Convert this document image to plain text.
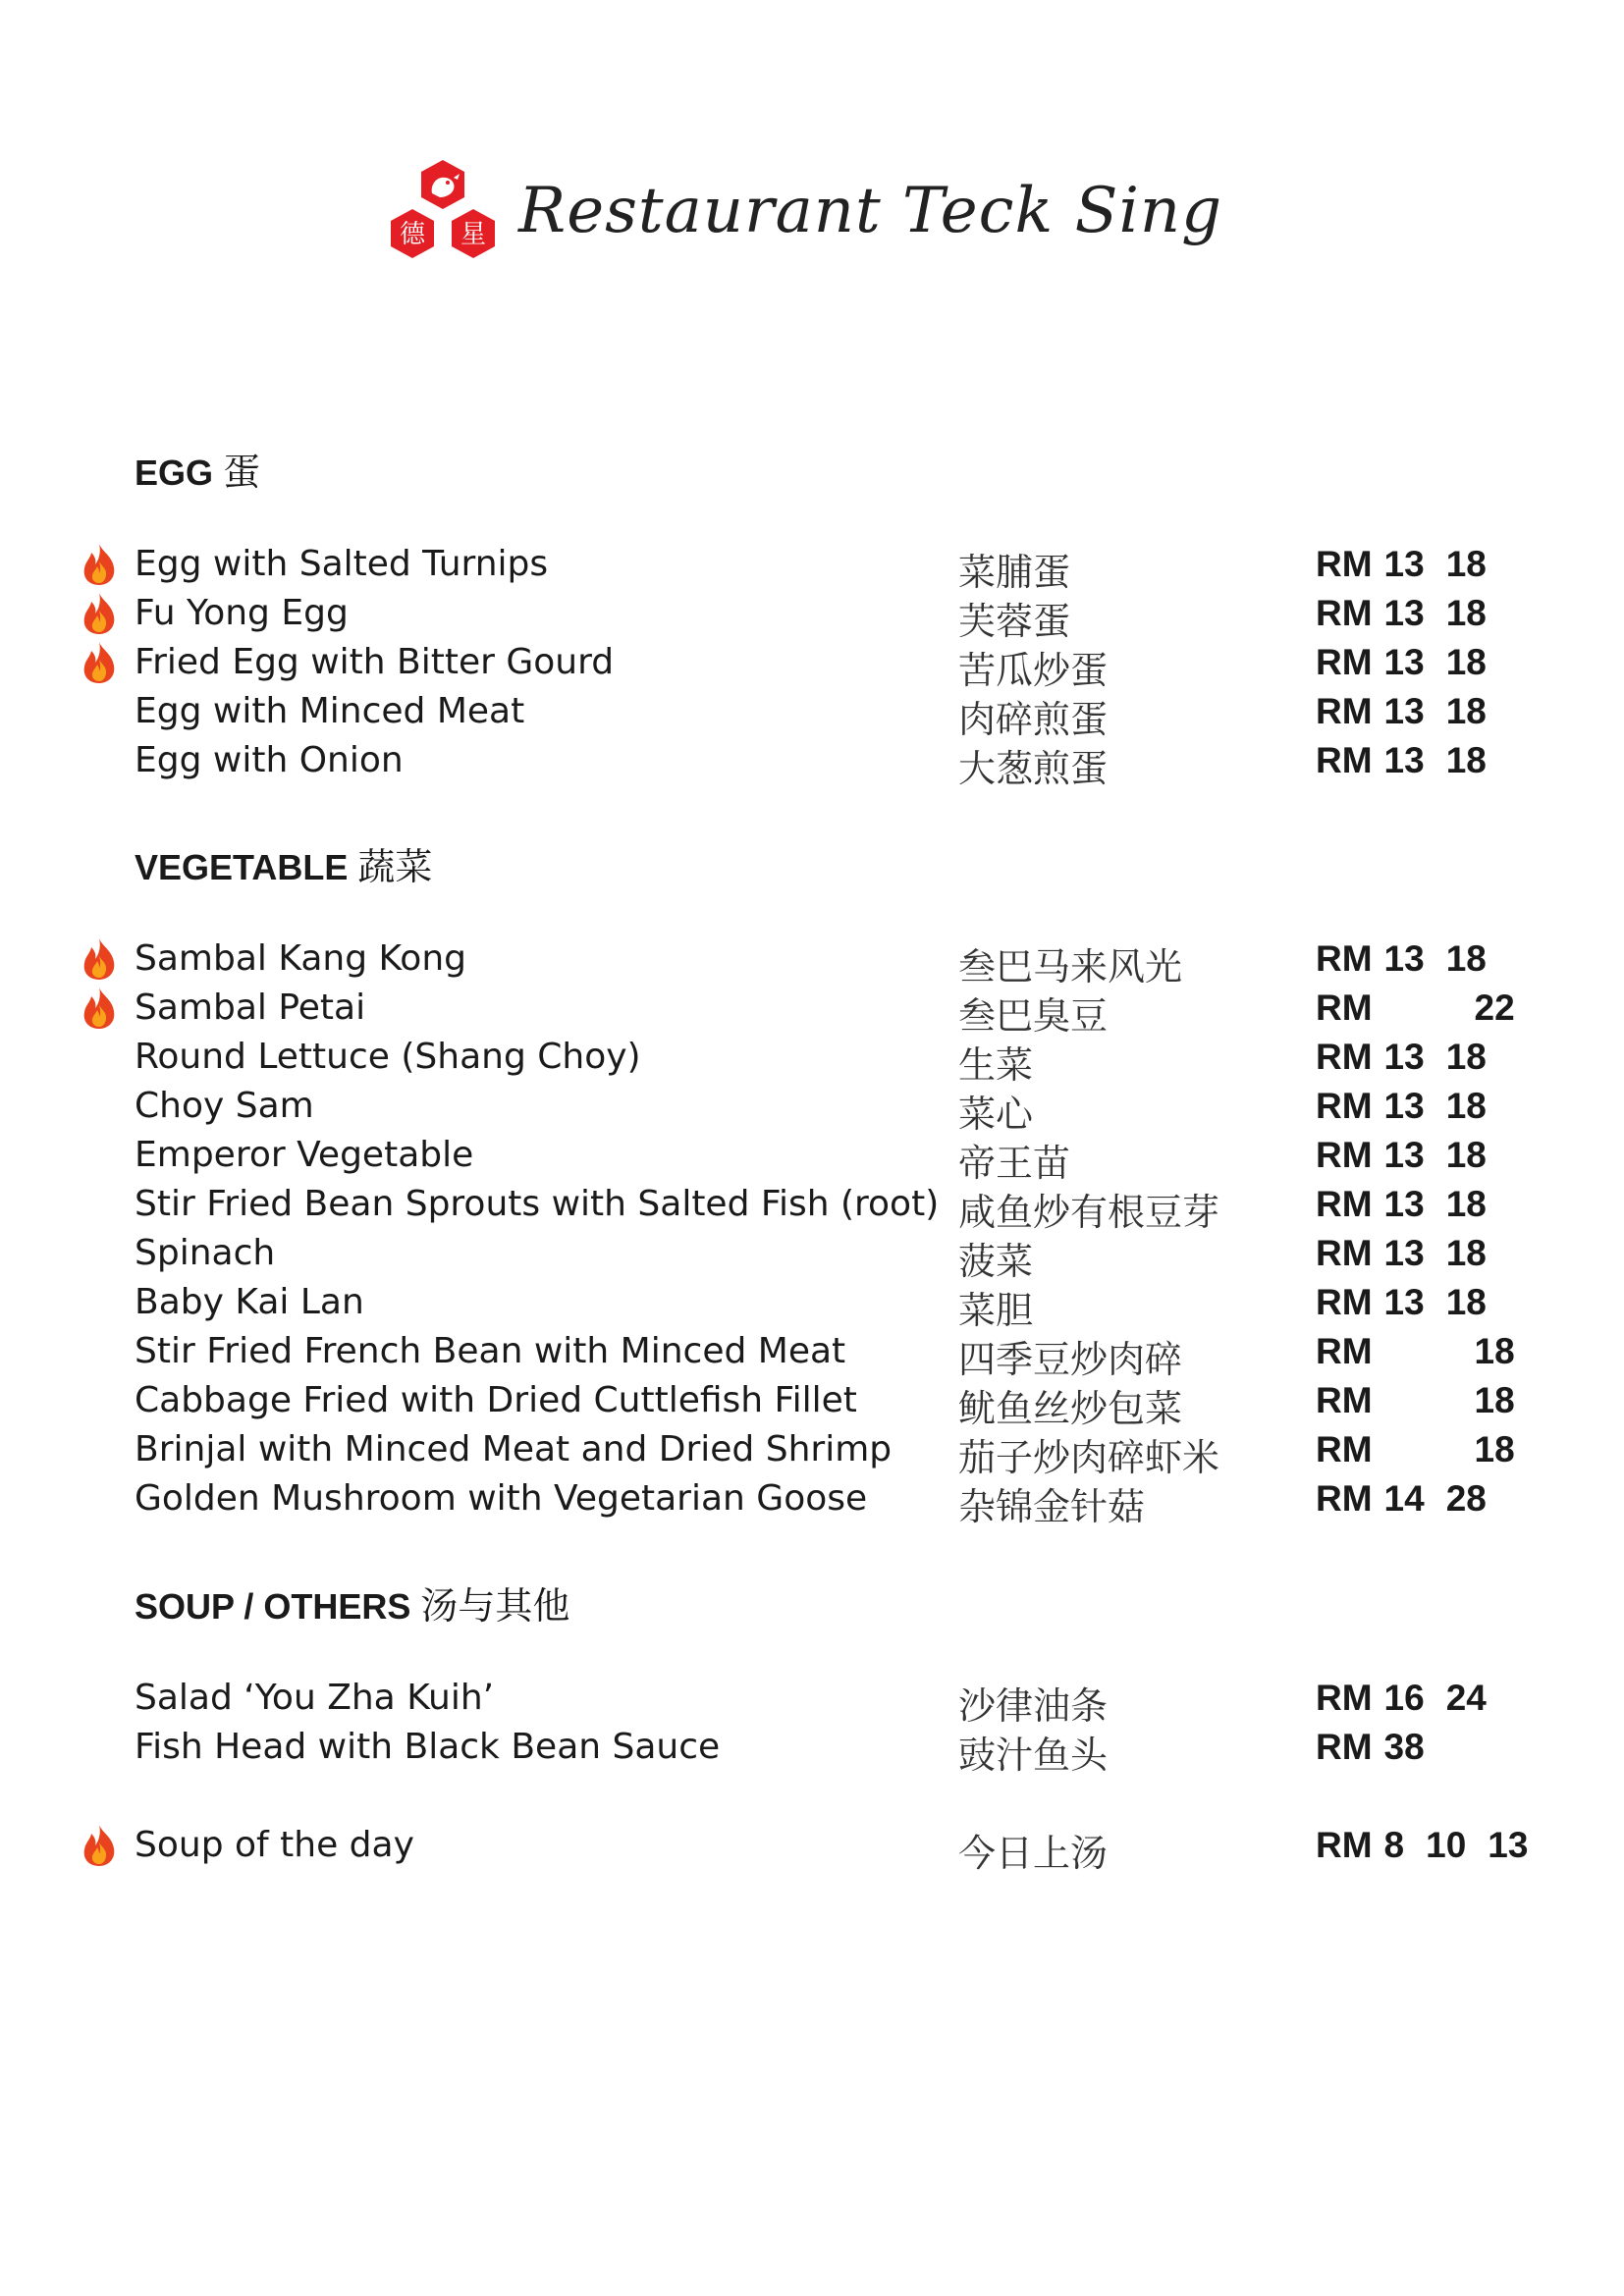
德 星 Restaurant Teck Sing
EGG 蛋
Egg with Salted Turnips	菜脯蛋	RM 13 18
Fu Yong Egg	芙蓉蛋	RM 13 18
Fried Egg with Bitter Gourd	苦瓜炒蛋	RM 13 18
Egg with Minced Meat	肉碎煎蛋	RM 13 18
Egg with Onion	大葱煎蛋	RM 13 18
VEGETABLE 蔬菜
Sambal Kang Kong	叁巴马来风光	RM 13 18
Sambal Petai	叁巴臭豆	RM	22
Round Lettuce (Shang Choy)	生菜	RM 13 18
Choy Sam	菜心	RM 13 18
Emperor Vegetable	帝王苗	RM 13 18
Stir Fried Bean Sprouts with Salted Fish (root) 咸鱼炒有根豆芽	RM 13 18
Spinach	菠菜	RM 13 18
Baby Kai Lan	菜胆	RM 13 18
Stir Fried French Bean with Minced Meat	四季豆炒肉碎	RM	18
Cabbage Fried with Dried Cuttlefish Fillet	鱿鱼丝炒包菜	RM	18
Brinjal with Minced Meat and Dried Shrimp 茄子炒肉碎虾米	RM	18
Golden Mushroom with Vegetarian Goose 杂锦金针菇	RM 14 28
SOUP / OTHERS 汤与其他
Salad ‘You Zha Kuih’	沙律油条	RM 16 24
Fish Head with Black Bean Sauce	豉汁鱼头	RM 38
Soup of the day	今日上汤	RM 8 10 13
